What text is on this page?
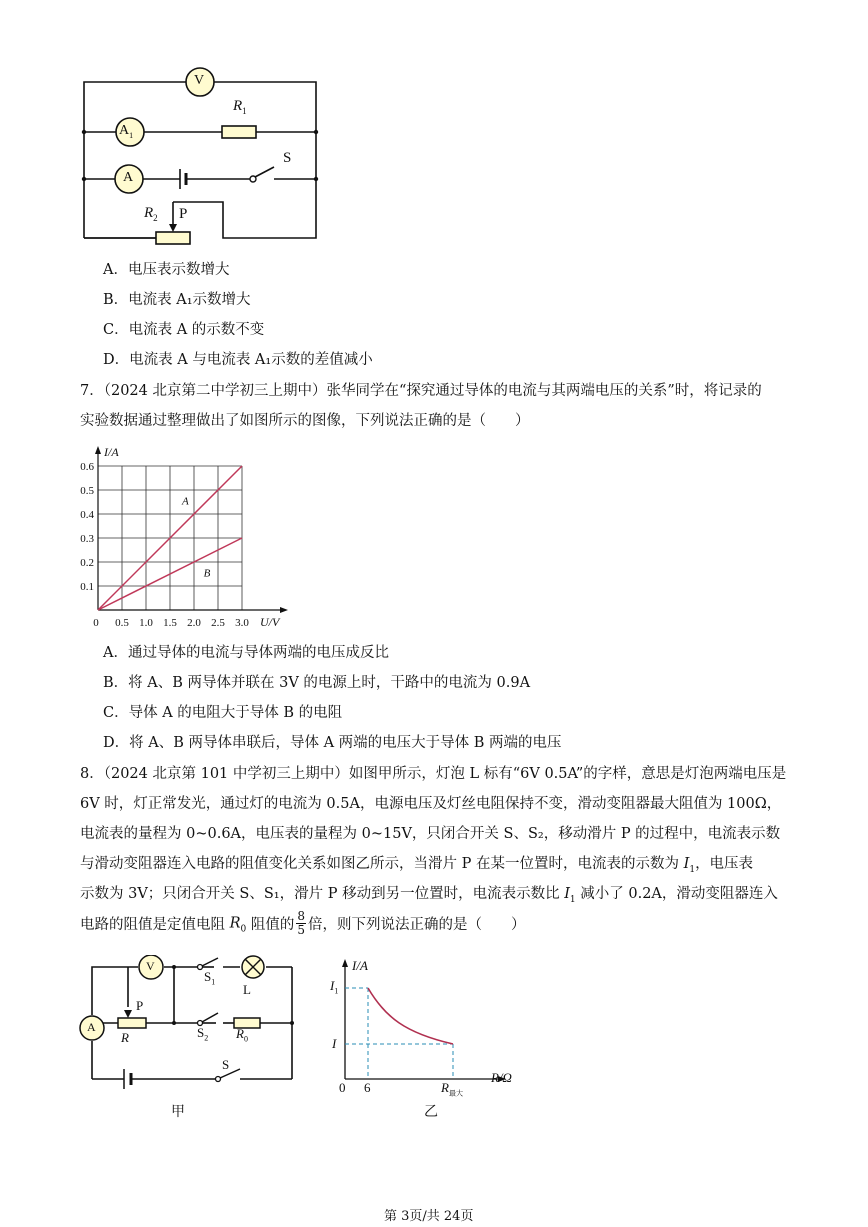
V
$A_1$
$R_1$
A
S
$R_2$ P
A．电压表示数增大
B．电流表 A₁示数增大
C．电流表 A 的示数不变
D．电流表 A 与电流表 A₁示数的差值减小
7．（2024 北京第二中学初三上期中）张华同学在“探究通过导体的电流与其两端电压的关系”时，将记录的
实验数据通过整理做出了如图所示的图像，下列说法正确的是（　　）
0 0.5 1.0 1.5 2.0 2.5 3.0
0.1
0.2
0.3
0.4
0.5
0.6
I/A
U/V
A
B
A．通过导体的电流与导体两端的电压成反比
B．将 A、B 两导体并联在 3V 的电源上时，干路中的电流为 0.9A
C．导体 A 的电阻大于导体 B 的电阻
D．将 A、B 两导体串联后，导体 A 两端的电压大于导体 B 两端的电压
8．（2024 北京第 101 中学初三上期中）如图甲所示，灯泡 L 标有“6V 0.5A”的字样，意思是灯泡两端电压是
6V 时，灯正常发光，通过灯的电流为 0.5A，电源电压及灯丝电阻保持不变，滑动变阻器最大阻值为 100Ω，
电流表的量程为 0~0.6A，电压表的量程为 0~15V，只闭合开关 S、S₂，移动滑片 P 的过程中，电流表示数
与滑动变阻器连入电路的阻值变化关系如图乙所示，当滑片 P 在某一位置时，电流表的示数为 $I_1$，电压表
示数为 3V；只闭合开关 S、S₁，滑片 P 移动到另一位置时，电流表示数比 $I_1$ 减小了 0.2A，滑动变阻器连入
电路的阻值是定值电阻 $R_0$ 阻值的 $\frac{8}{5}$ 倍，则下列说法正确的是（　　）
V
A
$S_1$ L
P
R	$S_2$ $R_0$
S
甲
I/A
$I_1$
I
0 6	$R_{最大}$
R/Ω
乙
第 3页/共 24页
